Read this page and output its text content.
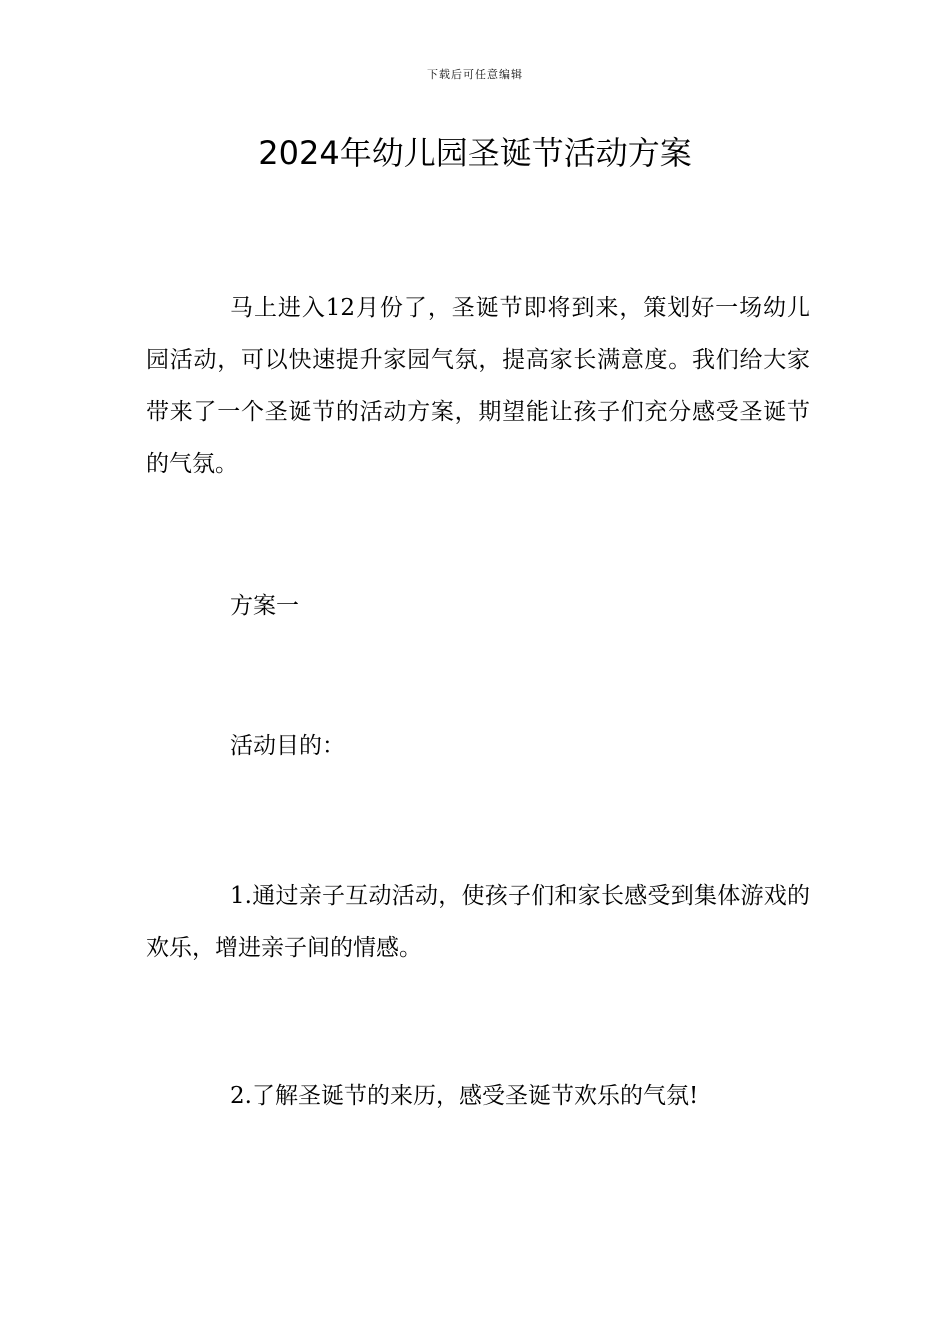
下载后可任意编辑
2024年幼儿园圣诞节活动方案

马上进入12月份了，圣诞节即将到来，策划好一场幼儿园活动，可以快速提升家园气氛，提高家长满意度。我们给大家带来了一个圣诞节的活动方案，期望能让孩子们充分感受圣诞节的气氛。

方案一

活动目的：

1.通过亲子互动活动，使孩子们和家长感受到集体游戏的欢乐，增进亲子间的情感。

2.了解圣诞节的来历，感受圣诞节欢乐的气氛!
